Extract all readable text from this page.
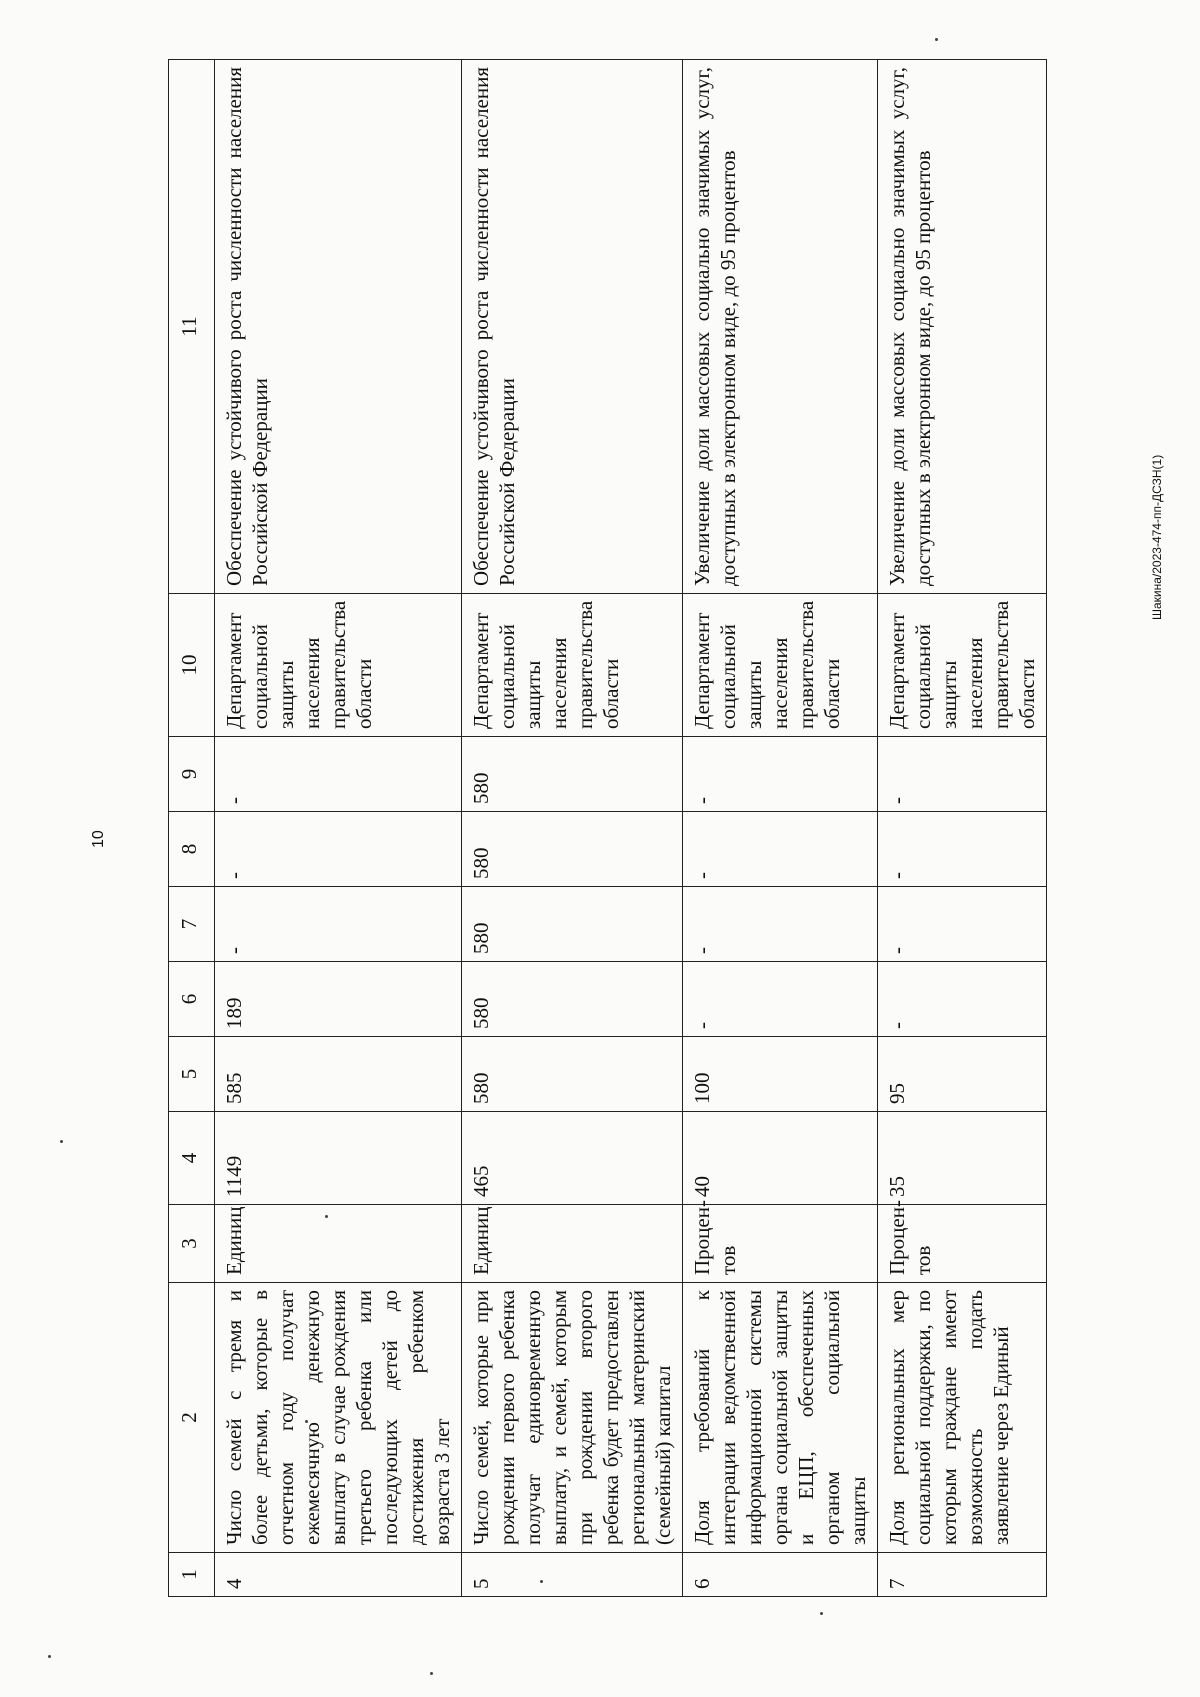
10
Шакина/2023-474-пп-ДСЗН(1)
1	2	3	4	5	6	7	8	9	10	11
4	Число семей с тремя и более детьми, которые в отчетном году получат ежемесячную денежную выплату в случае рождения третьего ребенка или последующих детей до достижения ребенком возраста 3 лет	Единиц	1149	585	189	-	-	-	Департамент социальной защиты населения правительства области	Обеспечение устойчивого роста численности населения Российской Федерации
5	Число семей, которые при рождении первого ребенка получат единовременную выплату, и семей, которым при рождении второго ребенка будет предоставлен региональный материнский (семейный) капитал	Единиц	465	580	580	580	580	580	Департамент социальной защиты населения правительства области	Обеспечение устойчивого роста численности населения Российской Федерации
6	Доля требований к интеграции ведомственной информационной системы органа социальной защиты и ЕЦП, обеспеченных органом социальной защиты	Процен-тов	40	100	-	-	-	-	Департамент социальной защиты населения правительства области	Увеличение доли массовых социально значимых услуг, доступных в электронном виде, до 95 процентов
7	Доля региональных мер социальной поддержки, по которым граждане имеют возможность подать заявление через Единый	Процен-тов	35	95	-	-	-	-	Департамент социальной защиты населения правительства области	Увеличение доли массовых социально значимых услуг, доступных в электронном виде, до 95 процентов
